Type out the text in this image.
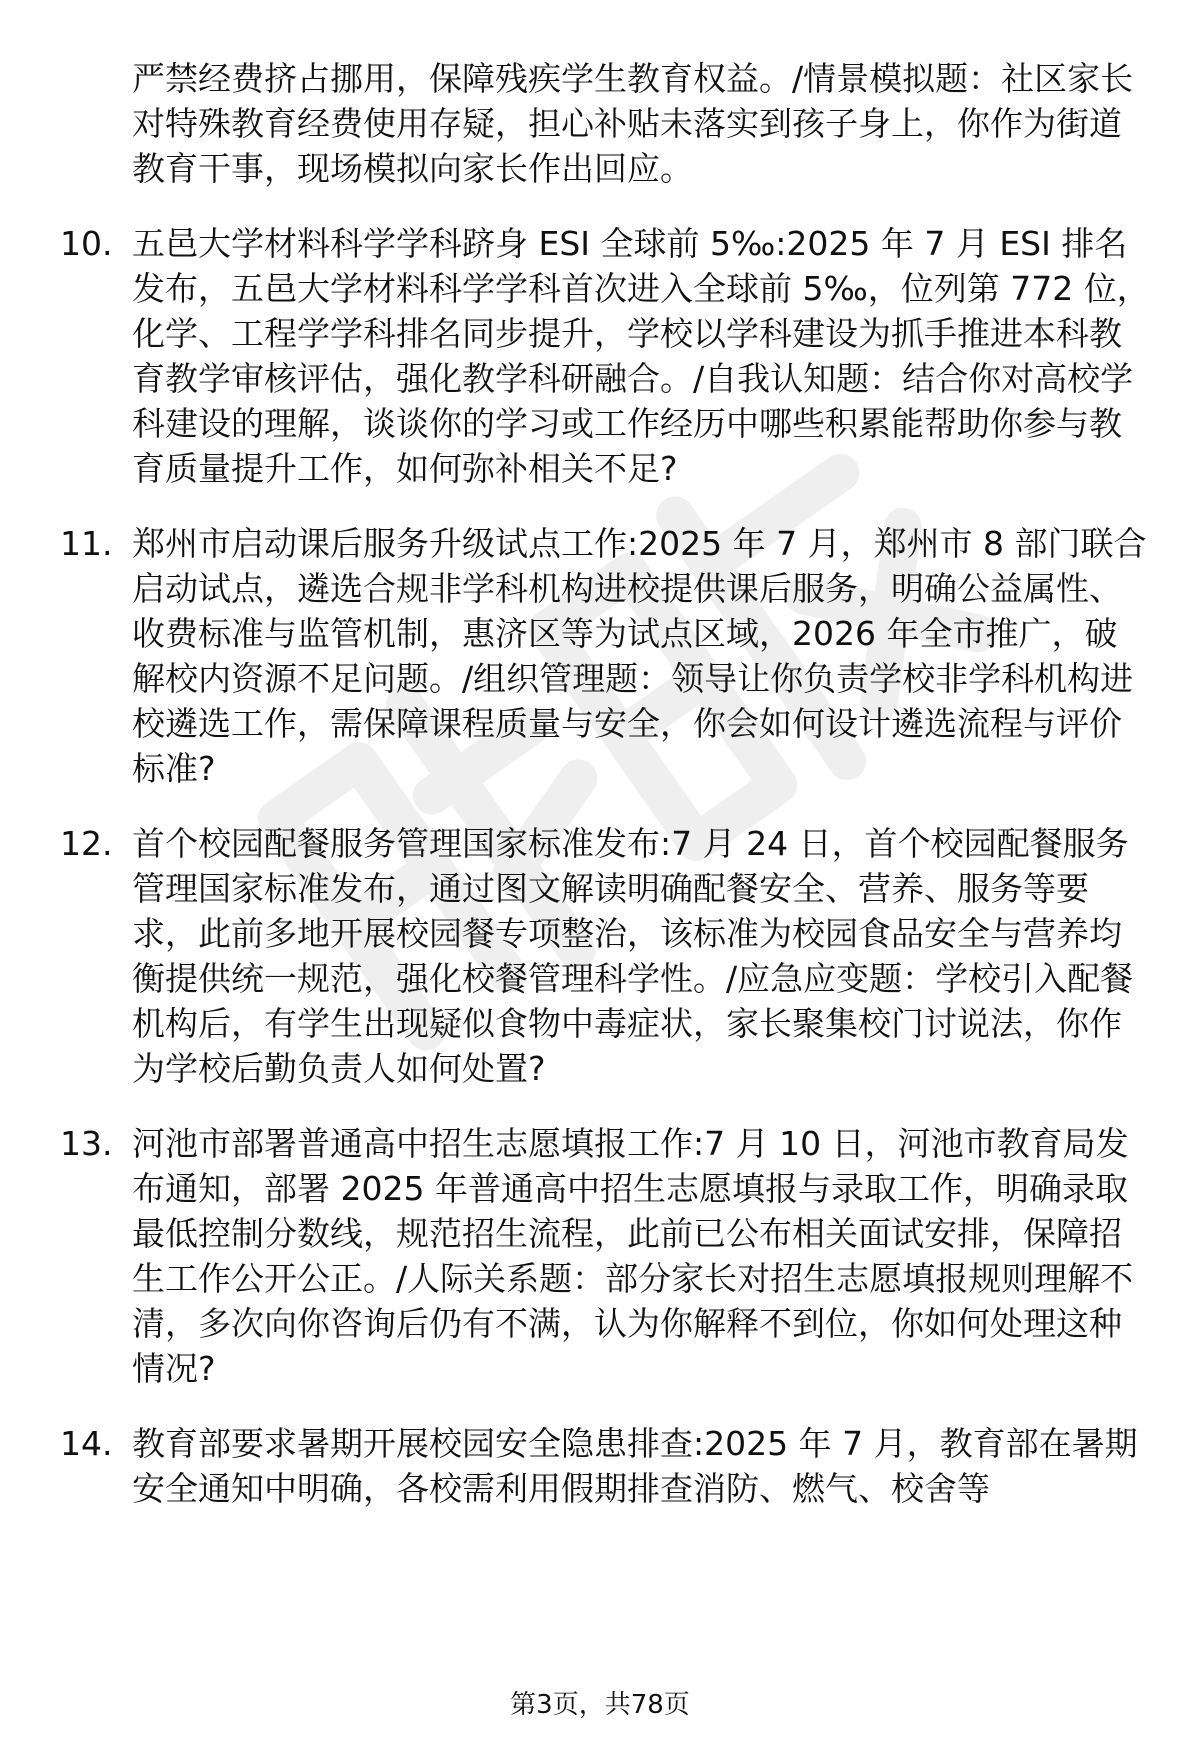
严禁经费挤占挪用，保障残疾学生教育权益。/情景模拟题：社区家长对特殊教育经费使用存疑，担心补贴未落实到孩子身上，你作为街道教育干事，现场模拟向家长作出回应。

10. 五邑大学材料科学学科跻身 ESI 全球前 5‰:2025 年 7 月 ESI 排名发布，五邑大学材料科学学科首次进入全球前 5‰，位列第 772 位，化学、工程学学科排名同步提升，学校以学科建设为抓手推进本科教育教学审核评估，强化教学科研融合。/自我认知题：结合你对高校学科建设的理解，谈谈你的学习或工作经历中哪些积累能帮助你参与教育质量提升工作，如何弥补相关不足?
11. 郑州市启动课后服务升级试点工作:2025 年 7 月，郑州市 8 部门联合启动试点，遴选合规非学科机构进校提供课后服务，明确公益属性、收费标准与监管机制，惠济区等为试点区域，2026 年全市推广，破解校内资源不足问题。/组织管理题：领导让你负责学校非学科机构进校遴选工作，需保障课程质量与安全，你会如何设计遴选流程与评价标准?
12. 首个校园配餐服务管理国家标准发布:7 月 24 日，首个校园配餐服务管理国家标准发布，通过图文解读明确配餐安全、营养、服务等要求，此前多地开展校园餐专项整治，该标准为校园食品安全与营养均衡提供统一规范，强化校餐管理科学性。/应急应变题：学校引入配餐机构后，有学生出现疑似食物中毒症状，家长聚集校门讨说法，你作为学校后勤负责人如何处置?
13. 河池市部署普通高中招生志愿填报工作:7 月 10 日，河池市教育局发布通知，部署 2025 年普通高中招生志愿填报与录取工作，明确录取最低控制分数线，规范招生流程，此前已公布相关面试安排，保障招生工作公开公正。/人际关系题：部分家长对招生志愿填报规则理解不清，多次向你咨询后仍有不满，认为你解释不到位，你如何处理这种情况?
14. 教育部要求暑期开展校园安全隐患排查:2025 年 7 月，教育部在暑期安全通知中明确，各校需利用假期排查消防、燃气、校舍等
第3页，共78页
